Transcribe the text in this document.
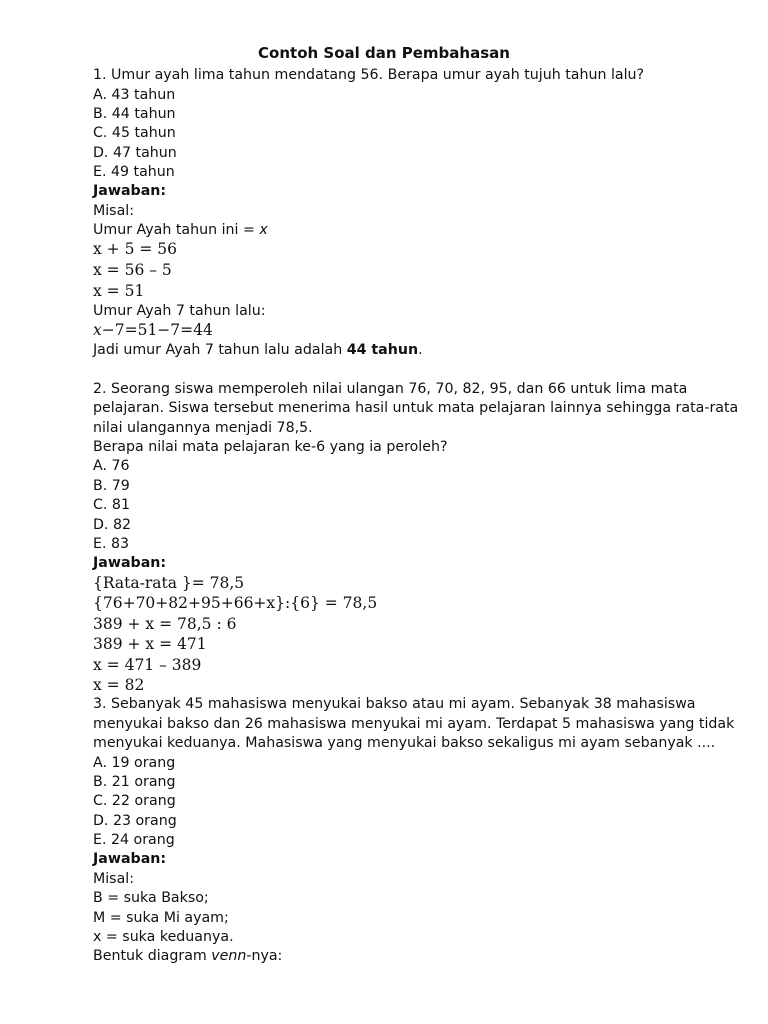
Contoh Soal dan Pembahasan
1. Umur ayah lima tahun mendatang 56. Berapa umur ayah tujuh tahun lalu?
A. 43 tahun
B. 44 tahun
C. 45 tahun
D. 47 tahun
E. 49 tahun
Jawaban:
Misal:
Umur Ayah tahun ini = x
x + 5 = 56
x = 56 – 5
x = 51
Umur Ayah 7 tahun lalu:
x−7=51−7=44
Jadi umur Ayah 7 tahun lalu adalah 44 tahun.
2. Seorang siswa memperoleh nilai ulangan 76, 70, 82, 95, dan 66 untuk lima mata
pelajaran. Siswa tersebut menerima hasil untuk mata pelajaran lainnya sehingga rata-rata
nilai ulangannya menjadi 78,5.
Berapa nilai mata pelajaran ke-6 yang ia peroleh?
A. 76
B. 79
C. 81
D. 82
E. 83
Jawaban:
{Rata-rata }= 78,5
{76+70+82+95+66+x}:{6} = 78,5
389 + x = 78,5 : 6
389 + x = 471
x = 471 – 389
x = 82
3. Sebanyak 45 mahasiswa menyukai bakso atau mi ayam. Sebanyak 38 mahasiswa
menyukai bakso dan 26 mahasiswa menyukai mi ayam. Terdapat 5 mahasiswa yang tidak
menyukai keduanya. Mahasiswa yang menyukai bakso sekaligus mi ayam sebanyak ....
A. 19 orang
B. 21 orang
C. 22 orang
D. 23 orang
E. 24 orang
Jawaban:
Misal:
B = suka Bakso;
M = suka Mi ayam;
x = suka keduanya.
Bentuk diagram venn-nya:
